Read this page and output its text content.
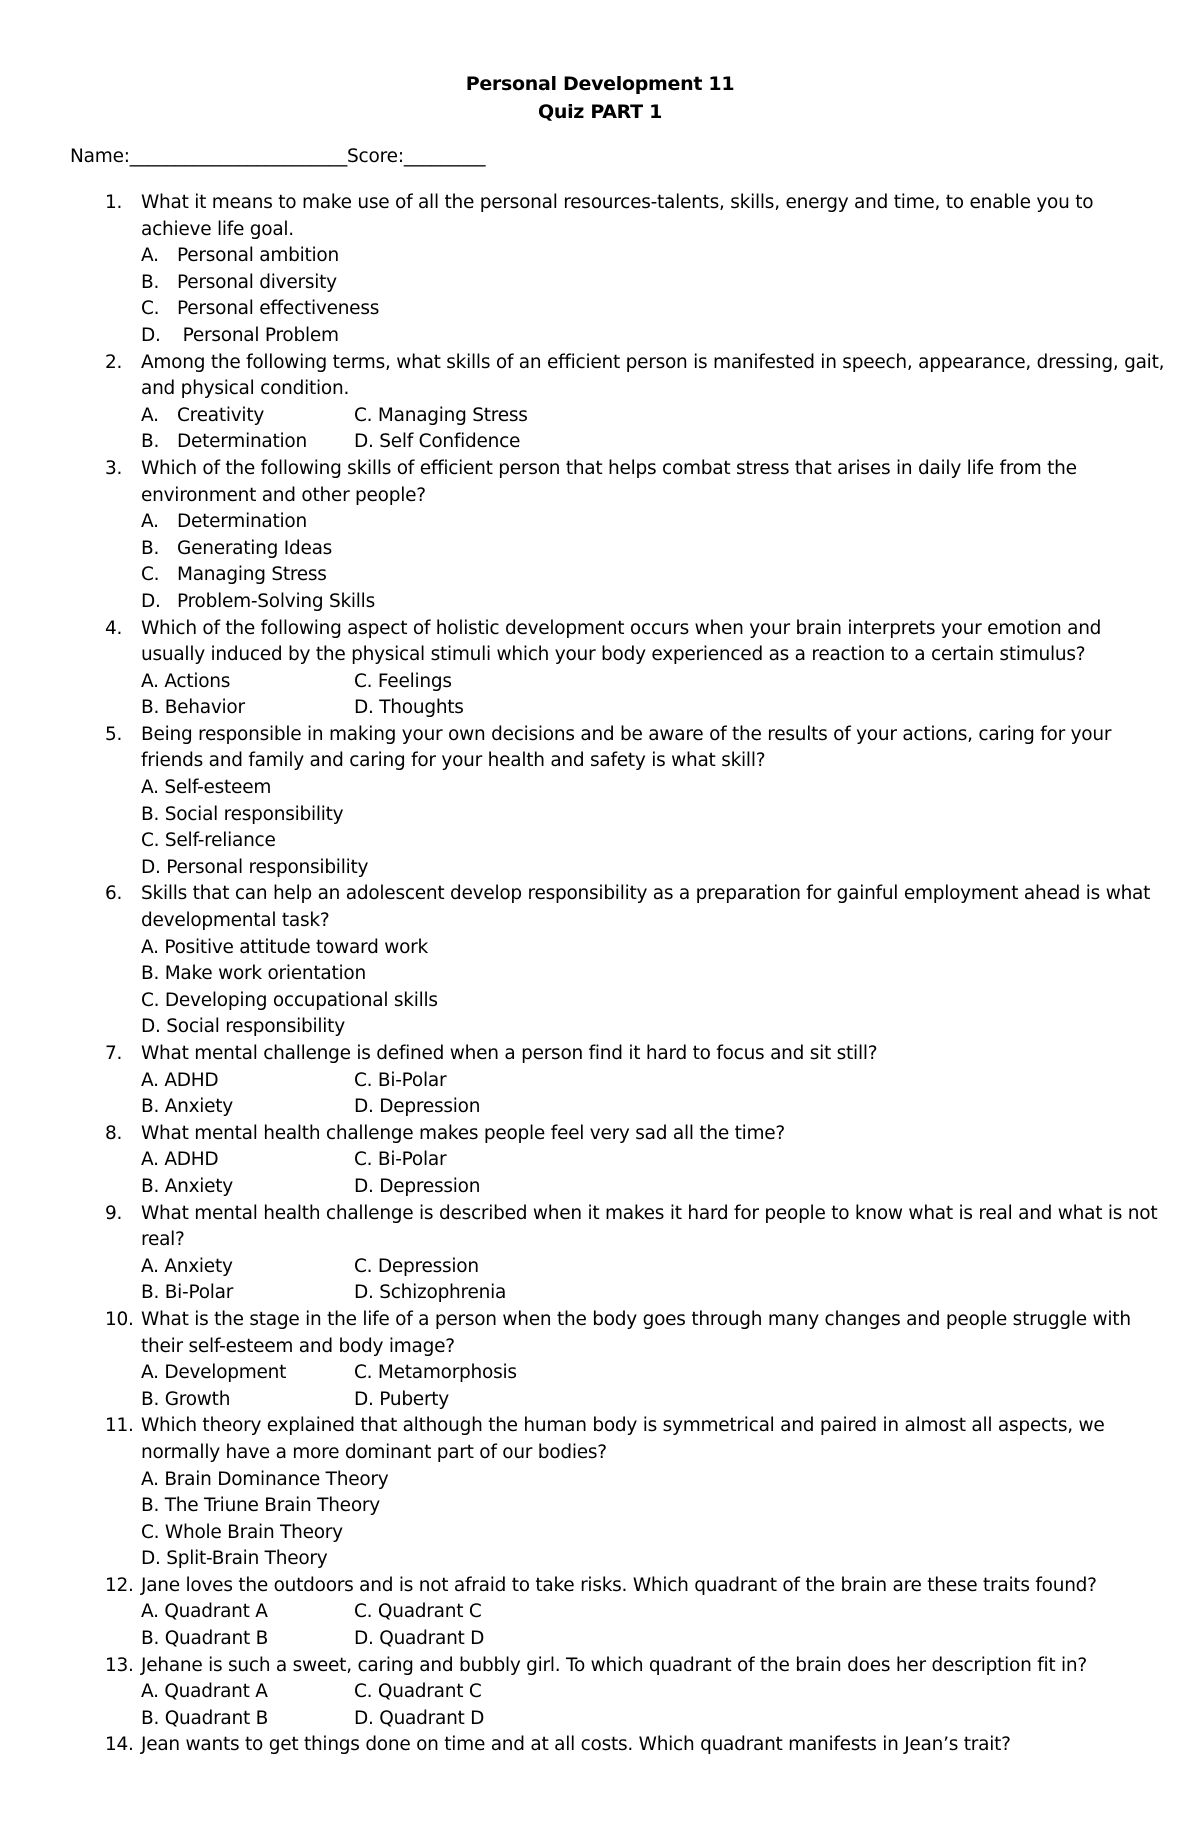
Personal Development 11
Quiz PART 1
Name:________________________Score:_________
1.	What it means to make use of all the personal resources-talents, skills, energy and time, to enable you to
achieve life goal.
A. Personal ambition
B. Personal diversity
C. Personal effectiveness
D. Personal Problem
2.	Among the following terms, what skills of an efficient person is manifested in speech, appearance, dressing, gait,
and physical condition.
A. Creativity	C. Managing Stress
B. Determination	D. Self Confidence
3.	Which of the following skills of efficient person that helps combat stress that arises in daily life from the
environment and other people?
A. Determination
B. Generating Ideas
C. Managing Stress
D. Problem-Solving Skills
4.	Which of the following aspect of holistic development occurs when your brain interprets your emotion and
usually induced by the physical stimuli which your body experienced as a reaction to a certain stimulus?
A. Actions	C. Feelings
B. Behavior	D. Thoughts
5.	Being responsible in making your own decisions and be aware of the results of your actions, caring for your
friends and family and caring for your health and safety is what skill?
A. Self-esteem
B. Social responsibility
C. Self-reliance
D. Personal responsibility
6.	Skills that can help an adolescent develop responsibility as a preparation for gainful employment ahead is what
developmental task?
A. Positive attitude toward work
B. Make work orientation
C. Developing occupational skills
D. Social responsibility
7.	What mental challenge is defined when a person find it hard to focus and sit still?
A. ADHD	C. Bi-Polar
B. Anxiety	D. Depression
8.	What mental health challenge makes people feel very sad all the time?
A. ADHD	C. Bi-Polar
B. Anxiety	D. Depression
9.	What mental health challenge is described when it makes it hard for people to know what is real and what is not
real?
A. Anxiety	C. Depression
B. Bi-Polar	D. Schizophrenia
10. What is the stage in the life of a person when the body goes through many changes and people struggle with
their self-esteem and body image?
A. Development	C. Metamorphosis
B. Growth	D. Puberty
11. Which theory explained that although the human body is symmetrical and paired in almost all aspects, we
normally have a more dominant part of our bodies?
A. Brain Dominance Theory
B. The Triune Brain Theory
C. Whole Brain Theory
D. Split-Brain Theory
12. Jane loves the outdoors and is not afraid to take risks. Which quadrant of the brain are these traits found?
A. Quadrant A	C. Quadrant C
B. Quadrant B	D. Quadrant D
13. Jehane is such a sweet, caring and bubbly girl. To which quadrant of the brain does her description fit in?
A. Quadrant A	C. Quadrant C
B. Quadrant B	D. Quadrant D
14. Jean wants to get things done on time and at all costs. Which quadrant manifests in Jean’s trait?
